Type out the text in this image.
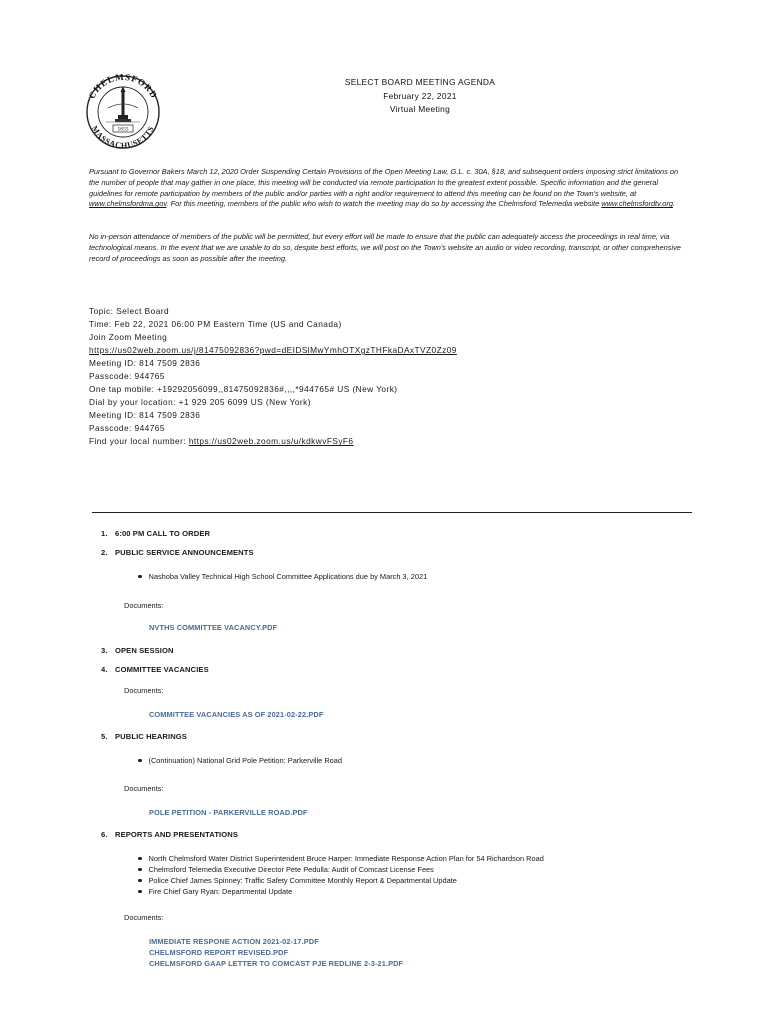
CHELMSFORD
MASSACHUSETTS
1655
SELECT BOARD MEETING AGENDA
February 22, 2021
Virtual Meeting
Pursuant to Governor Bakers March 12, 2020 Order Suspending Certain Provisions of the Open Meeting Law, G.L. c. 30A, §18, and subsequent orders imposing strict limitations on the number of people that may gather in one place, this meeting will be conducted via remote participation to the greatest extent possible. Specific information and the general guidelines for remote participation by members of the public and/or parties with a right and/or requirement to attend this meeting can be found on the Town's website, at www.chelmsfordma.gov. For this meeting, members of the public who wish to watch the meeting may do so by accessing the Chelmsford Telemedia website www.chelmsfordtv.org.
No in-person attendance of members of the public will be permitted, but every effort will be made to ensure that the public can adequately access the proceedings in real time, via technological means. In the event that we are unable to do so, despite best efforts, we will post on the Town's website an audio or video recording, transcript, or other comprehensive record of proceedings as soon as possible after the meeting.
Topic: Select Board
Time: Feb 22, 2021 06:00 PM Eastern Time (US and Canada)
Join Zoom Meeting
https://us02web.zoom.us/j/81475092836?pwd=dEIDSlMwYmhOTXgzTHFkaDAxTVZ0Zz09
Meeting ID: 814 7509 2836
Passcode: 944765
One tap mobile: +19292056099,,81475092836#,,,,*944765# US (New York)
Dial by your location: +1 929 205 6099 US (New York)
Meeting ID: 814 7509 2836
Passcode: 944765
Find your local number: https://us02web.zoom.us/u/kdkwvFSyF6
1. 6:00 PM CALL TO ORDER
2. PUBLIC SERVICE ANNOUNCEMENTS
Nashoba Valley Technical High School Committee Applications due by March 3, 2021
Documents:
NVTHS COMMITTEE VACANCY.PDF
3. OPEN SESSION
4. COMMITTEE VACANCIES
Documents:
COMMITTEE VACANCIES AS OF 2021-02-22.PDF
5. PUBLIC HEARINGS
(Continuation) National Grid Pole Petition: Parkerville Road
Documents:
POLE PETITION - PARKERVILLE ROAD.PDF
6. REPORTS AND PRESENTATIONS
North Chelmsford Water District Superintendent Bruce Harper: Immediate Response Action Plan for 54 Richardson Road
Chelmsford Telemedia Executive Director Pete Pedulla: Audit of Comcast License Fees
Police Chief James Spinney: Traffic Safety Committee Monthly Report & Departmental Update
Fire Chief Gary Ryan: Departmental Update
Documents:
IMMEDIATE RESPONE ACTION 2021-02-17.PDF
CHELMSFORD REPORT REVISED.PDF
CHELMSFORD GAAP LETTER TO COMCAST PJE REDLINE 2-3-21.PDF
